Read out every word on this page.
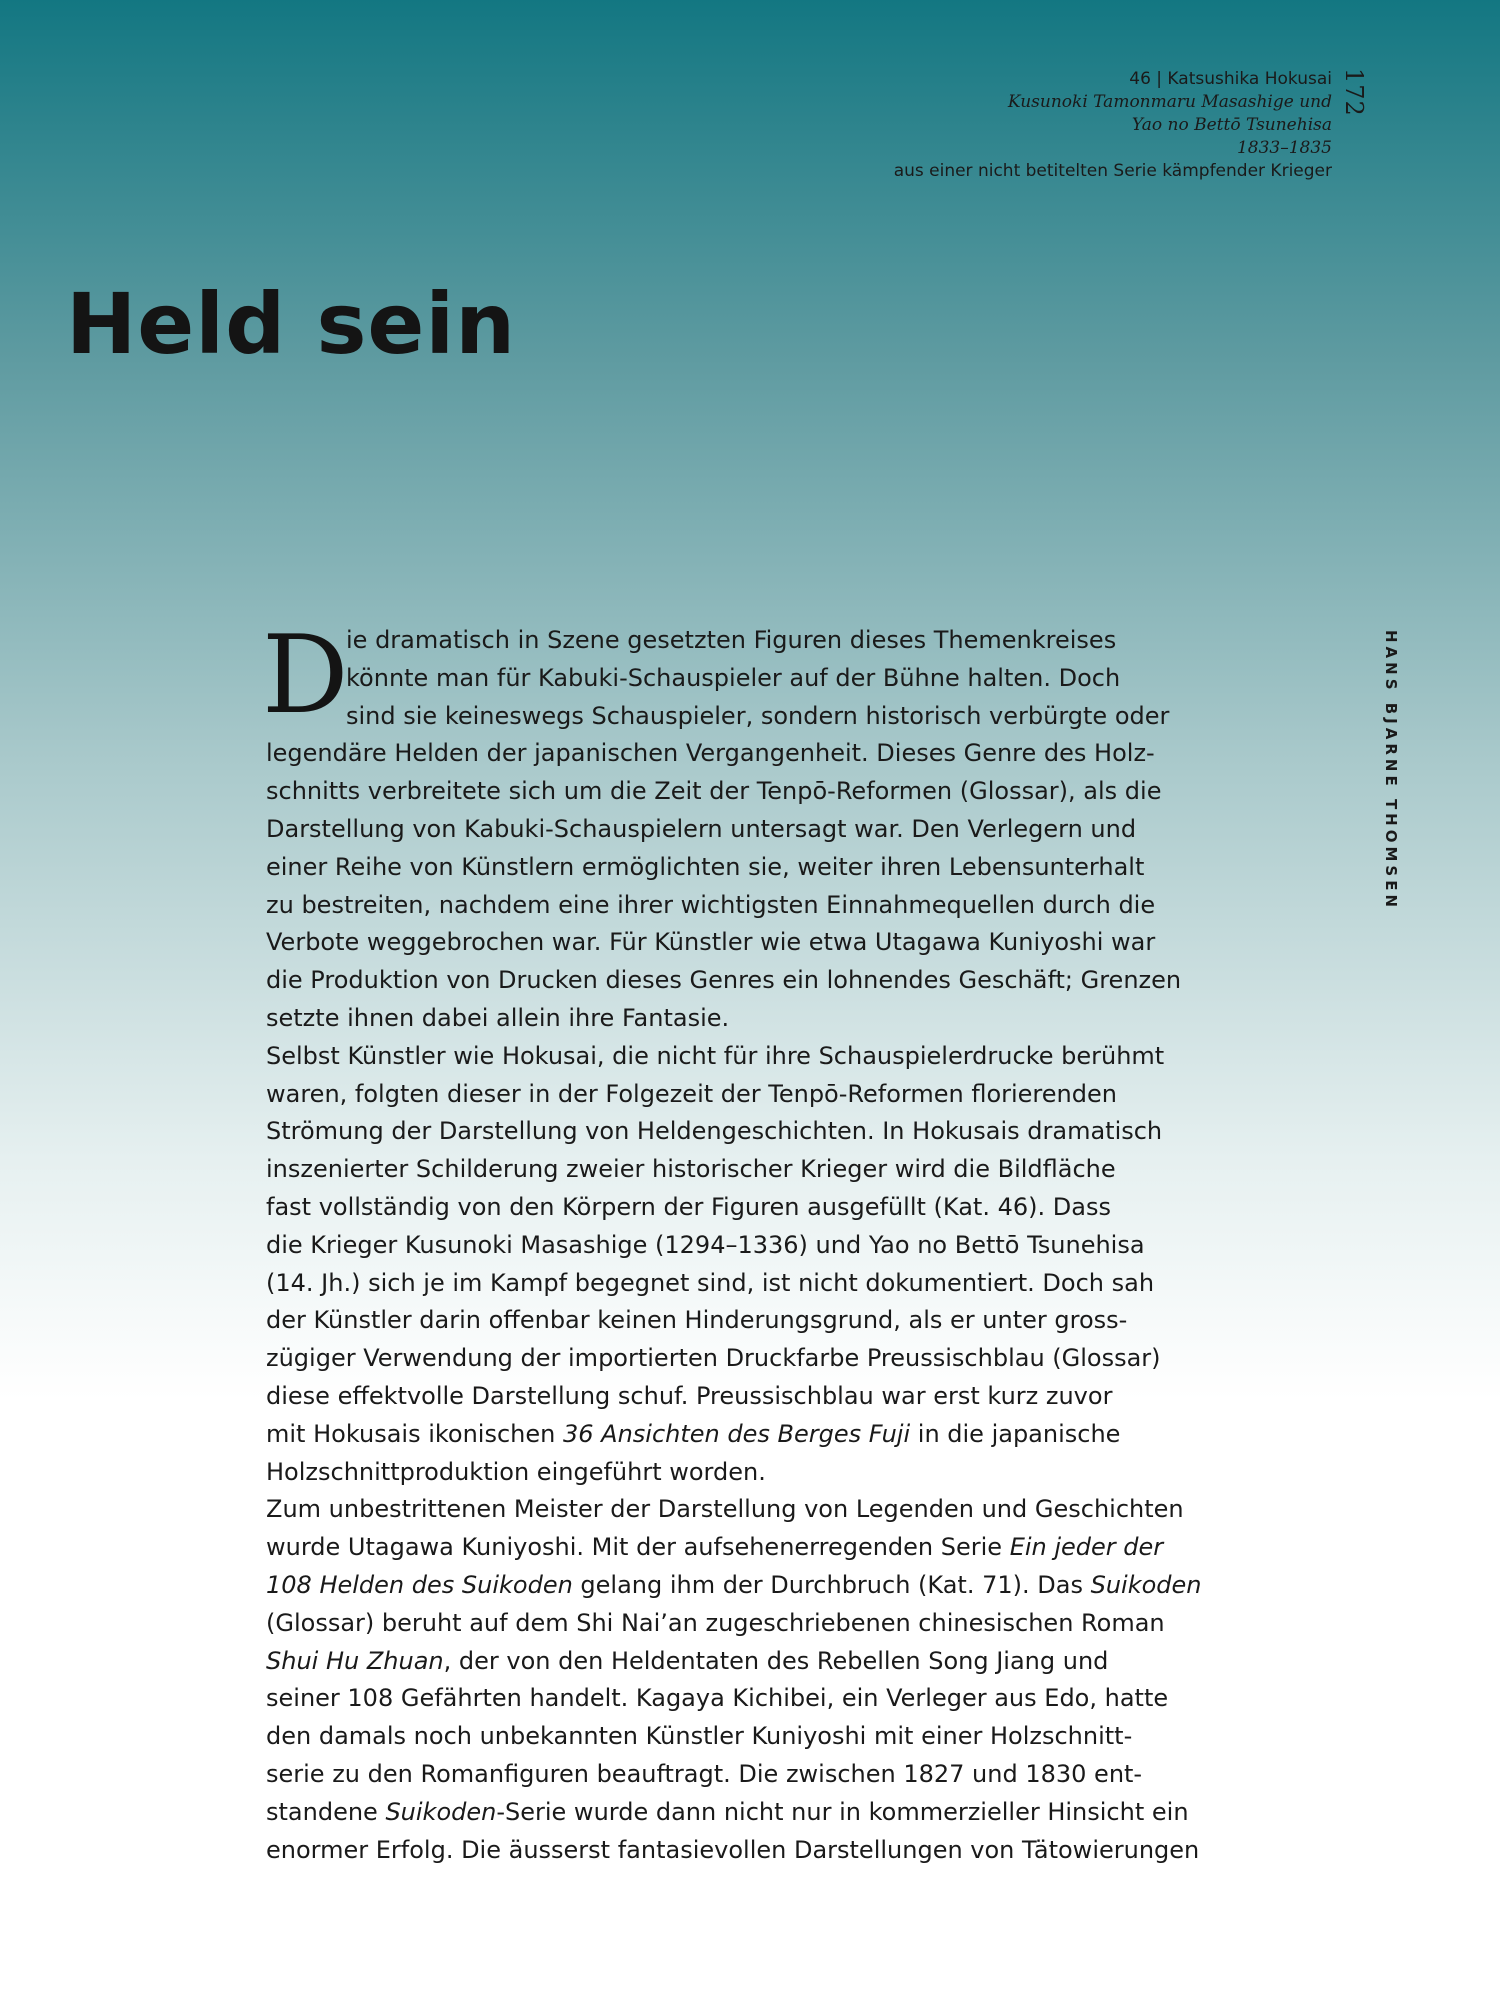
46 | Katsushika Hokusai
Kusunoki Tamonmaru Masashige und
Yao no Bettō Tsunehisa
1833–1835
aus einer nicht betitelten Serie kämpfender Krieger
172
HANS BJARNE THOMSEN
Held sein
D
ie dramatisch in Szene gesetzten Figuren dieses Themenkreises
könnte man für Kabuki-Schauspieler auf der Bühne halten. Doch
sind sie keineswegs Schauspieler, sondern historisch verbürgte oder
legendäre Helden der japanischen Vergangenheit. Dieses Genre des Holz-
schnitts verbreitete sich um die Zeit der Tenpō-Reformen (Glossar), als die
Darstellung von Kabuki-Schauspielern untersagt war. Den Verlegern und
einer Reihe von Künstlern ermöglichten sie, weiter ihren Lebensunterhalt
zu bestreiten, nachdem eine ihrer wichtigsten Einnahmequellen durch die
Verbote weggebrochen war. Für Künstler wie etwa Utagawa Kuniyoshi war
die Produktion von Drucken dieses Genres ein lohnendes Geschäft; Grenzen
setzte ihnen dabei allein ihre Fantasie.
Selbst Künstler wie Hokusai, die nicht für ihre Schauspielerdrucke berühmt
waren, folgten dieser in der Folgezeit der Tenpō-Reformen florierenden
Strömung der Darstellung von Heldengeschichten. In Hokusais dramatisch
inszenierter Schilderung zweier historischer Krieger wird die Bildfläche
fast vollständig von den Körpern der Figuren ausgefüllt (Kat. 46). Dass
die Krieger Kusunoki Masashige (1294–1336) und Yao no Bettō Tsunehisa
(14. Jh.) sich je im Kampf begegnet sind, ist nicht dokumentiert. Doch sah
der Künstler darin offenbar keinen Hinderungsgrund, als er unter gross-
zügiger Verwendung der importierten Druckfarbe Preussischblau (Glossar)
diese effektvolle Darstellung schuf. Preussischblau war erst kurz zuvor
mit Hokusais ikonischen 36 Ansichten des Berges Fuji in die japanische
Holzschnittproduktion eingeführt worden.
Zum unbestrittenen Meister der Darstellung von Legenden und Geschichten
wurde Utagawa Kuniyoshi. Mit der aufsehenerregenden Serie Ein jeder der
108 Helden des Suikoden gelang ihm der Durchbruch (Kat. 71). Das Suikoden
(Glossar) beruht auf dem Shi Nai’an zugeschriebenen chinesischen Roman
Shui Hu Zhuan, der von den Heldentaten des Rebellen Song Jiang und
seiner 108 Gefährten handelt. Kagaya Kichibei, ein Verleger aus Edo, hatte
den damals noch unbekannten Künstler Kuniyoshi mit einer Holzschnitt-
serie zu den Romanfiguren beauftragt. Die zwischen 1827 und 1830 ent-
standene Suikoden-Serie wurde dann nicht nur in kommerzieller Hinsicht ein
enormer Erfolg. Die äusserst fantasievollen Darstellungen von Tätowierungen
